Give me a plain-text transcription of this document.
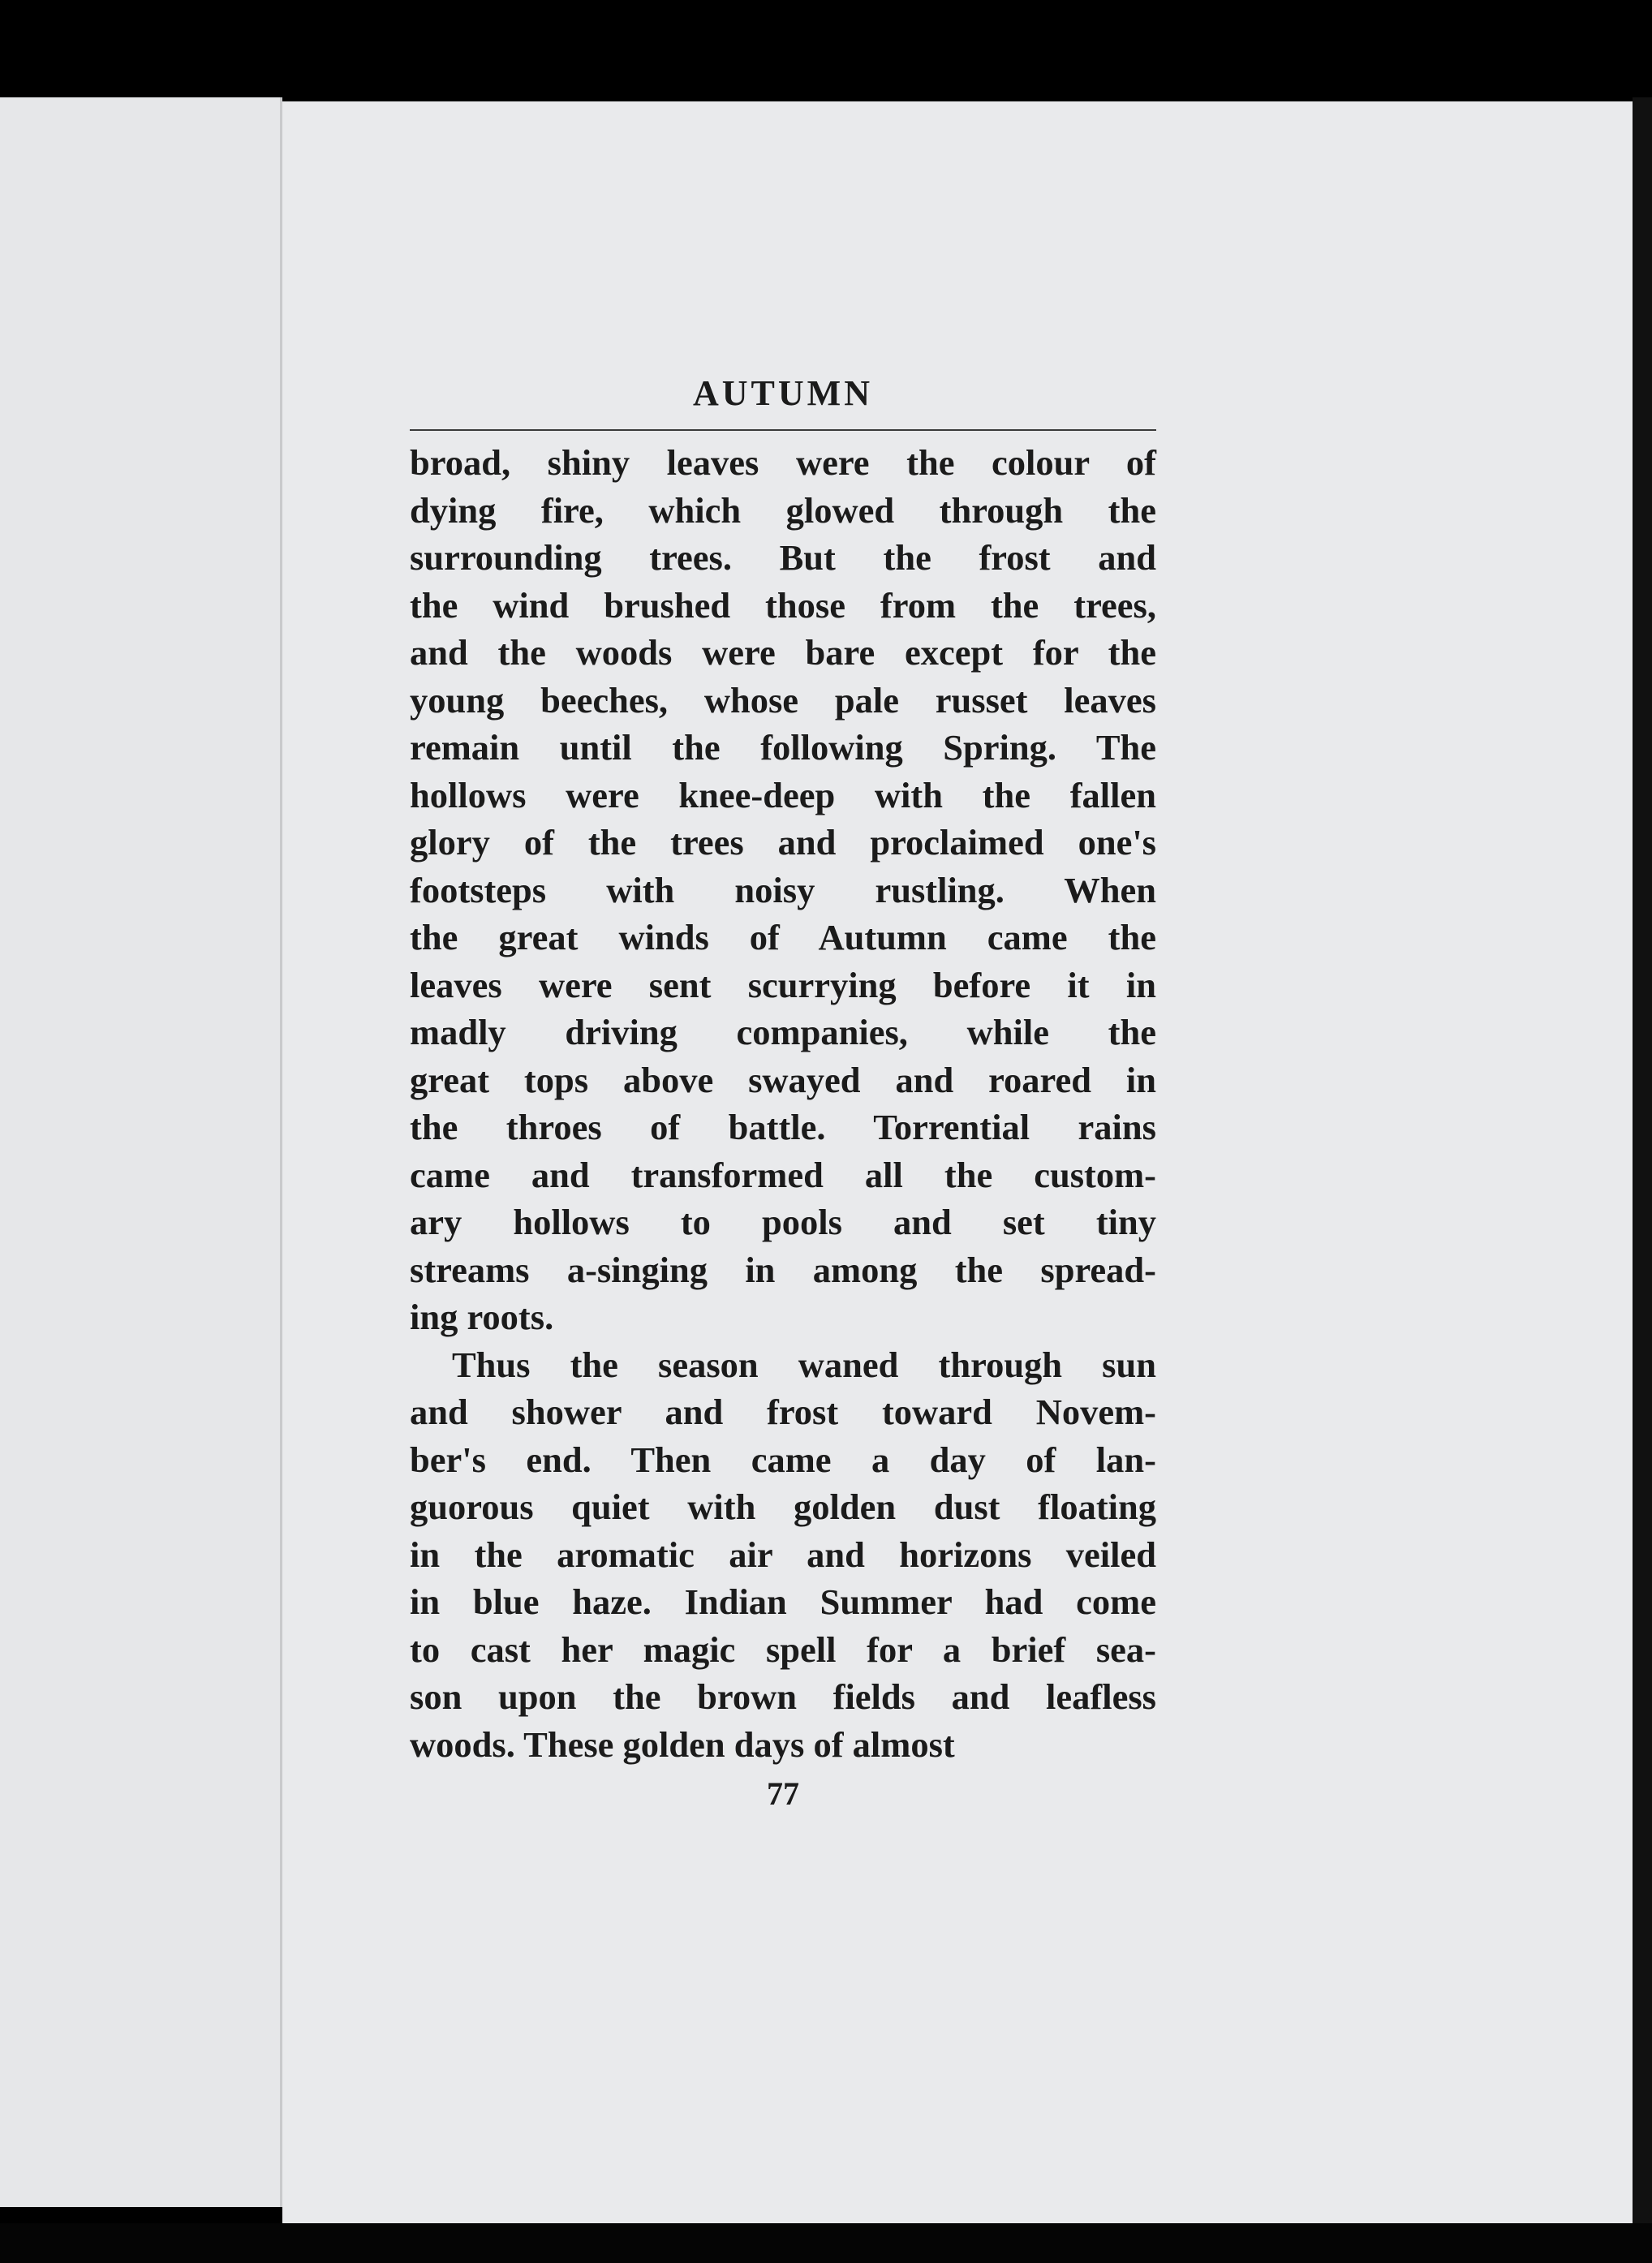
AUTUMN
broad, shiny leaves were the colour of
dying fire, which glowed through the
surrounding trees. But the frost and
the wind brushed those from the trees,
and the woods were bare except for the
young beeches, whose pale russet leaves
remain until the following Spring. The
hollows were knee-deep with the fallen
glory of the trees and proclaimed one's
footsteps with noisy rustling. When
the great winds of Autumn came the
leaves were sent scurrying before it in
madly driving companies, while the
great tops above swayed and roared in
the throes of battle. Torrential rains
came and transformed all the custom-
ary hollows to pools and set tiny
streams a-singing in among the spread-
ing roots.
Thus the season waned through sun
and shower and frost toward Novem-
ber's end. Then came a day of lan-
guorous quiet with golden dust floating
in the aromatic air and horizons veiled
in blue haze. Indian Summer had come
to cast her magic spell for a brief sea-
son upon the brown fields and leafless
woods. These golden days of almost
77
